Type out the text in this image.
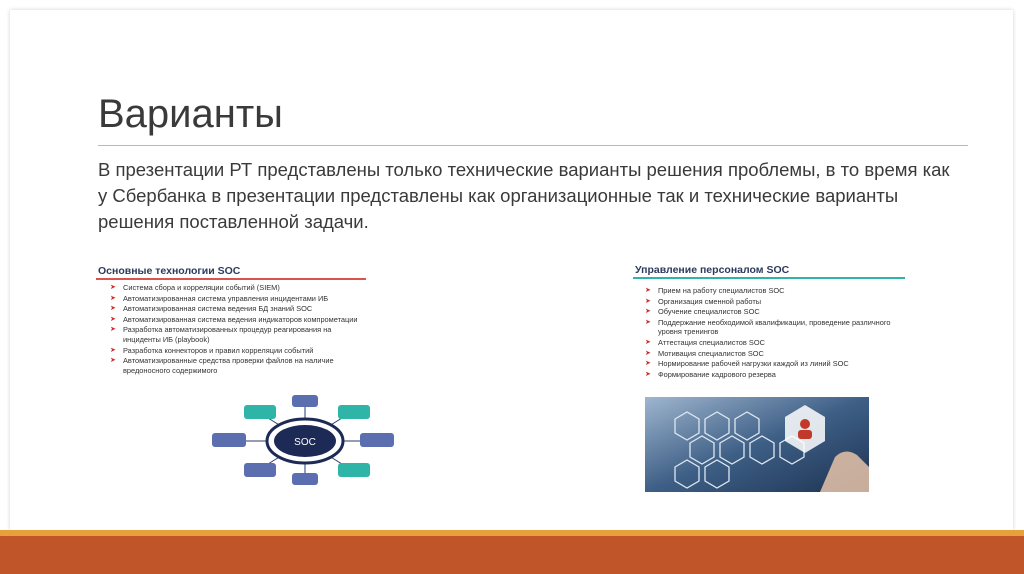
Варианты
В презентации РТ представлены только технические варианты решения проблемы, в то время как у Сбербанка в презентации представлены как организационные так и технические варианты решения поставленной задачи.
Основные технологии SOC
➤ Система сбора и корреляции событий (SIEM)
➤ Автоматизированная система управления инцидентами ИБ
➤ Автоматизированная система ведения БД знаний SOC
➤ Автоматизированная система ведения индикаторов компрометации
➤ Разработка автоматизированных процедур реагирования на инциденты ИБ (playbook)
➤ Разработка коннекторов и правил корреляции событий
➤ Автоматизированные средства проверки файлов на наличие вредоносного содержимого
SOC
Управление персоналом SOC
➤ Прием на работу специалистов SOC
➤ Организация сменной работы
➤ Обучение специалистов SOC
➤ Поддержание необходимой квалификации, проведение различного уровня тренингов
➤ Аттестация специалистов SOC
➤ Мотивация специалистов SOC
➤ Нормирование рабочей нагрузки каждой из линий SOC
➤ Формирование кадрового резерва
